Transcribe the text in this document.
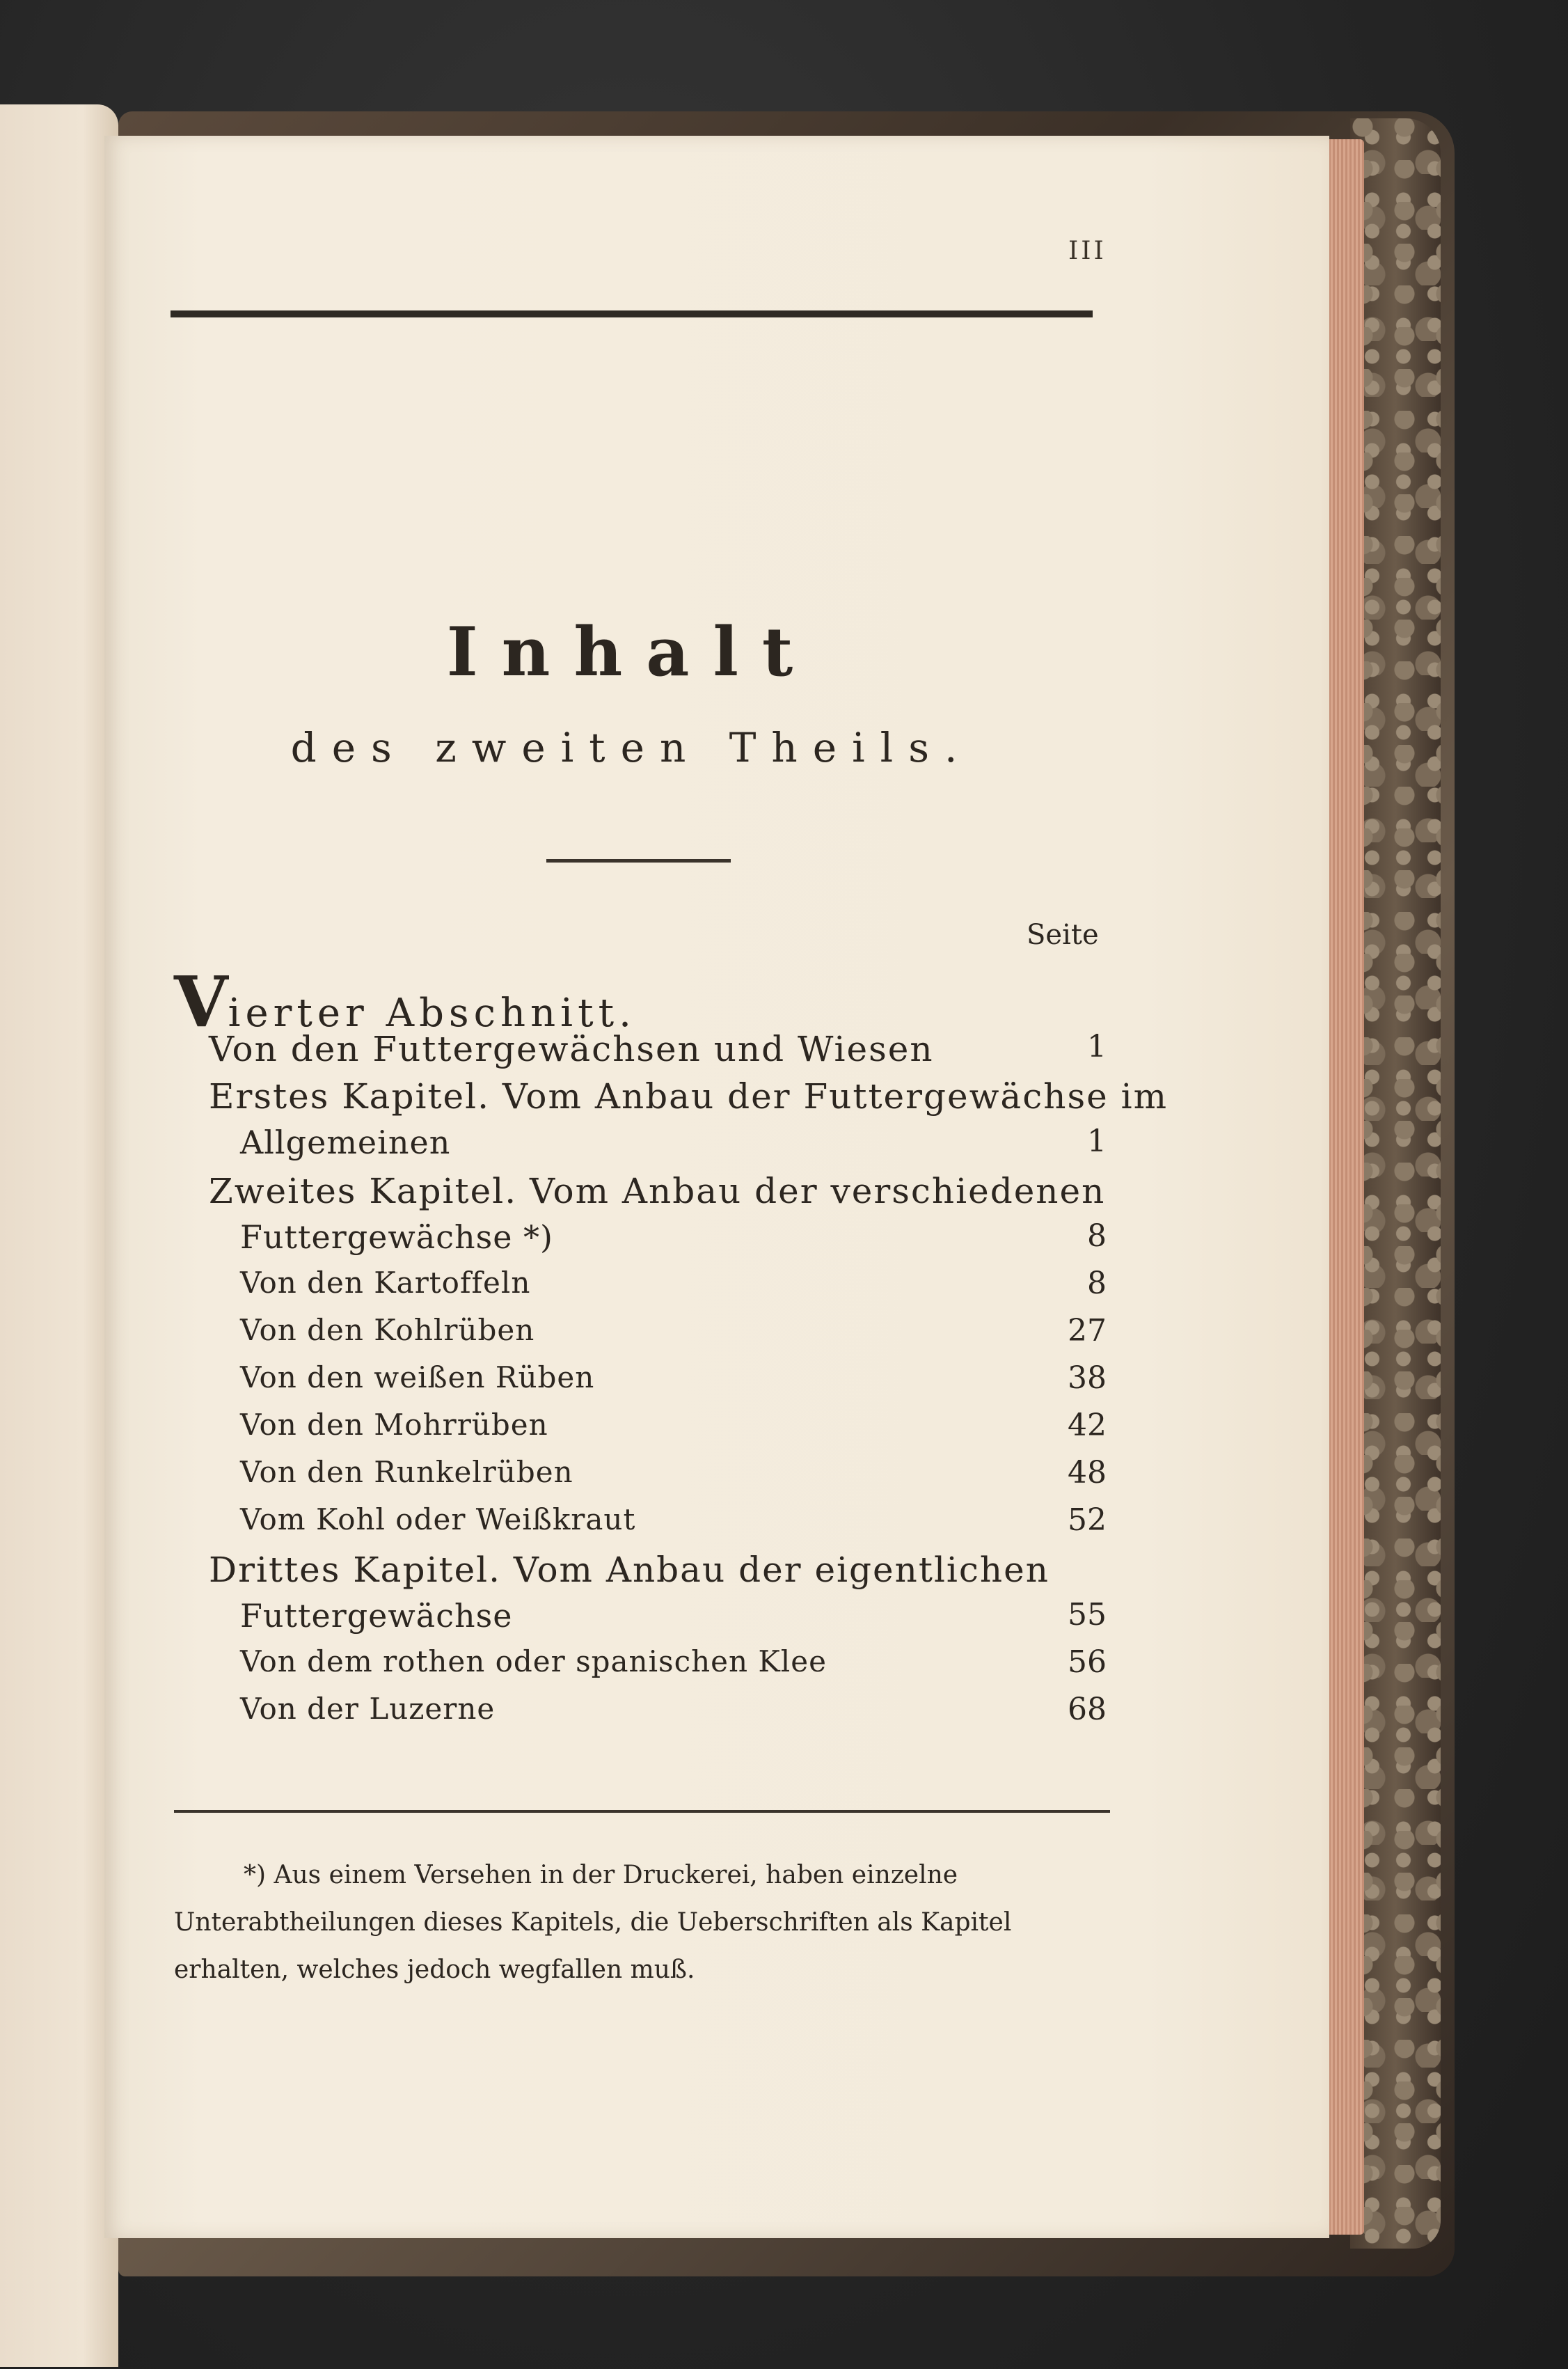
III
Inhalt
des zweiten Theils.
Seite
Vierter Abschnitt.
Von den Futtergewächsen und Wiesen	1
Erstes Kapitel. Vom Anbau der Futtergewächse im
Allgemeinen	1
Zweites Kapitel. Vom Anbau der verschiedenen
Futtergewächse *)	8
Von den Kartoffeln	8
Von den Kohlrüben	27
Von den weißen Rüben	38
Von den Mohrrüben	42
Von den Runkelrüben	48
Vom Kohl oder Weißkraut	52
Drittes Kapitel. Vom Anbau der eigentlichen
Futtergewächse	55
Von dem rothen oder spanischen Klee	56
Von der Luzerne	68
*) Aus einem Versehen in der Druckerei, haben einzelne Unterabtheilungen dieses Kapitels, die Ueberschriften als Kapitel erhalten, welches jedoch wegfallen muß.
